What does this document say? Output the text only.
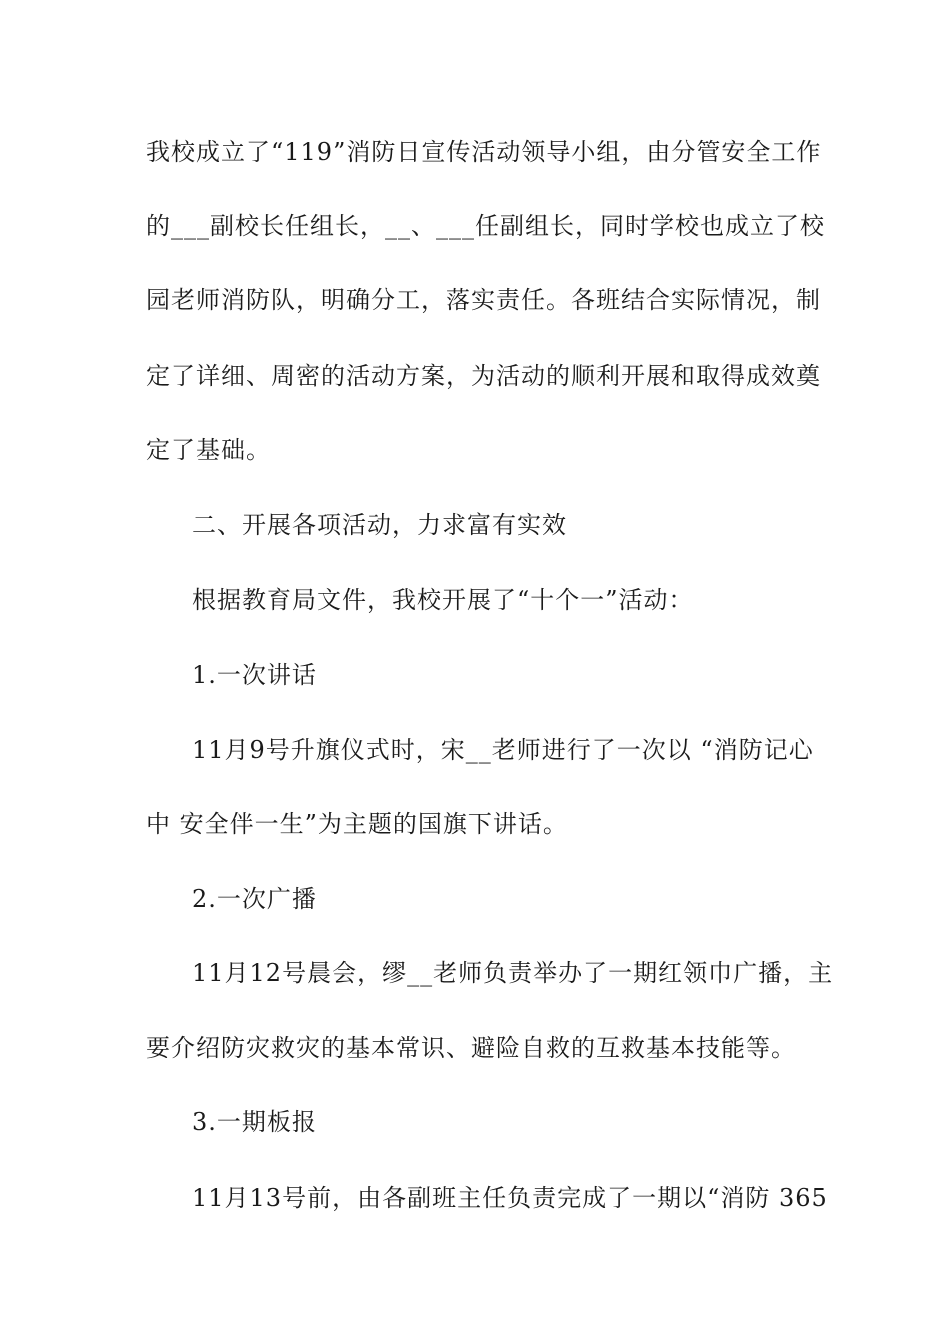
我校成立了“119”消防日宣传活动领导小组，由分管安全工作
的___副校长任组长，__、___任副组长，同时学校也成立了校
园老师消防队，明确分工，落实责任。各班结合实际情况，制
定了详细、周密的活动方案，为活动的顺利开展和取得成效奠
定了基础。
二、开展各项活动，力求富有实效
根据教育局文件，我校开展了“十个一”活动：
1.一次讲话
11月9号升旗仪式时，宋__老师进行了一次以 “消防记心
中 安全伴一生”为主题的国旗下讲话。
2.一次广播
11月12号晨会，缪__老师负责举办了一期红领巾广播，主
要介绍防灾救灾的基本常识、避险自救的互救基本技能等。
3.一期板报
11月13号前，由各副班主任负责完成了一期以“消防 365
